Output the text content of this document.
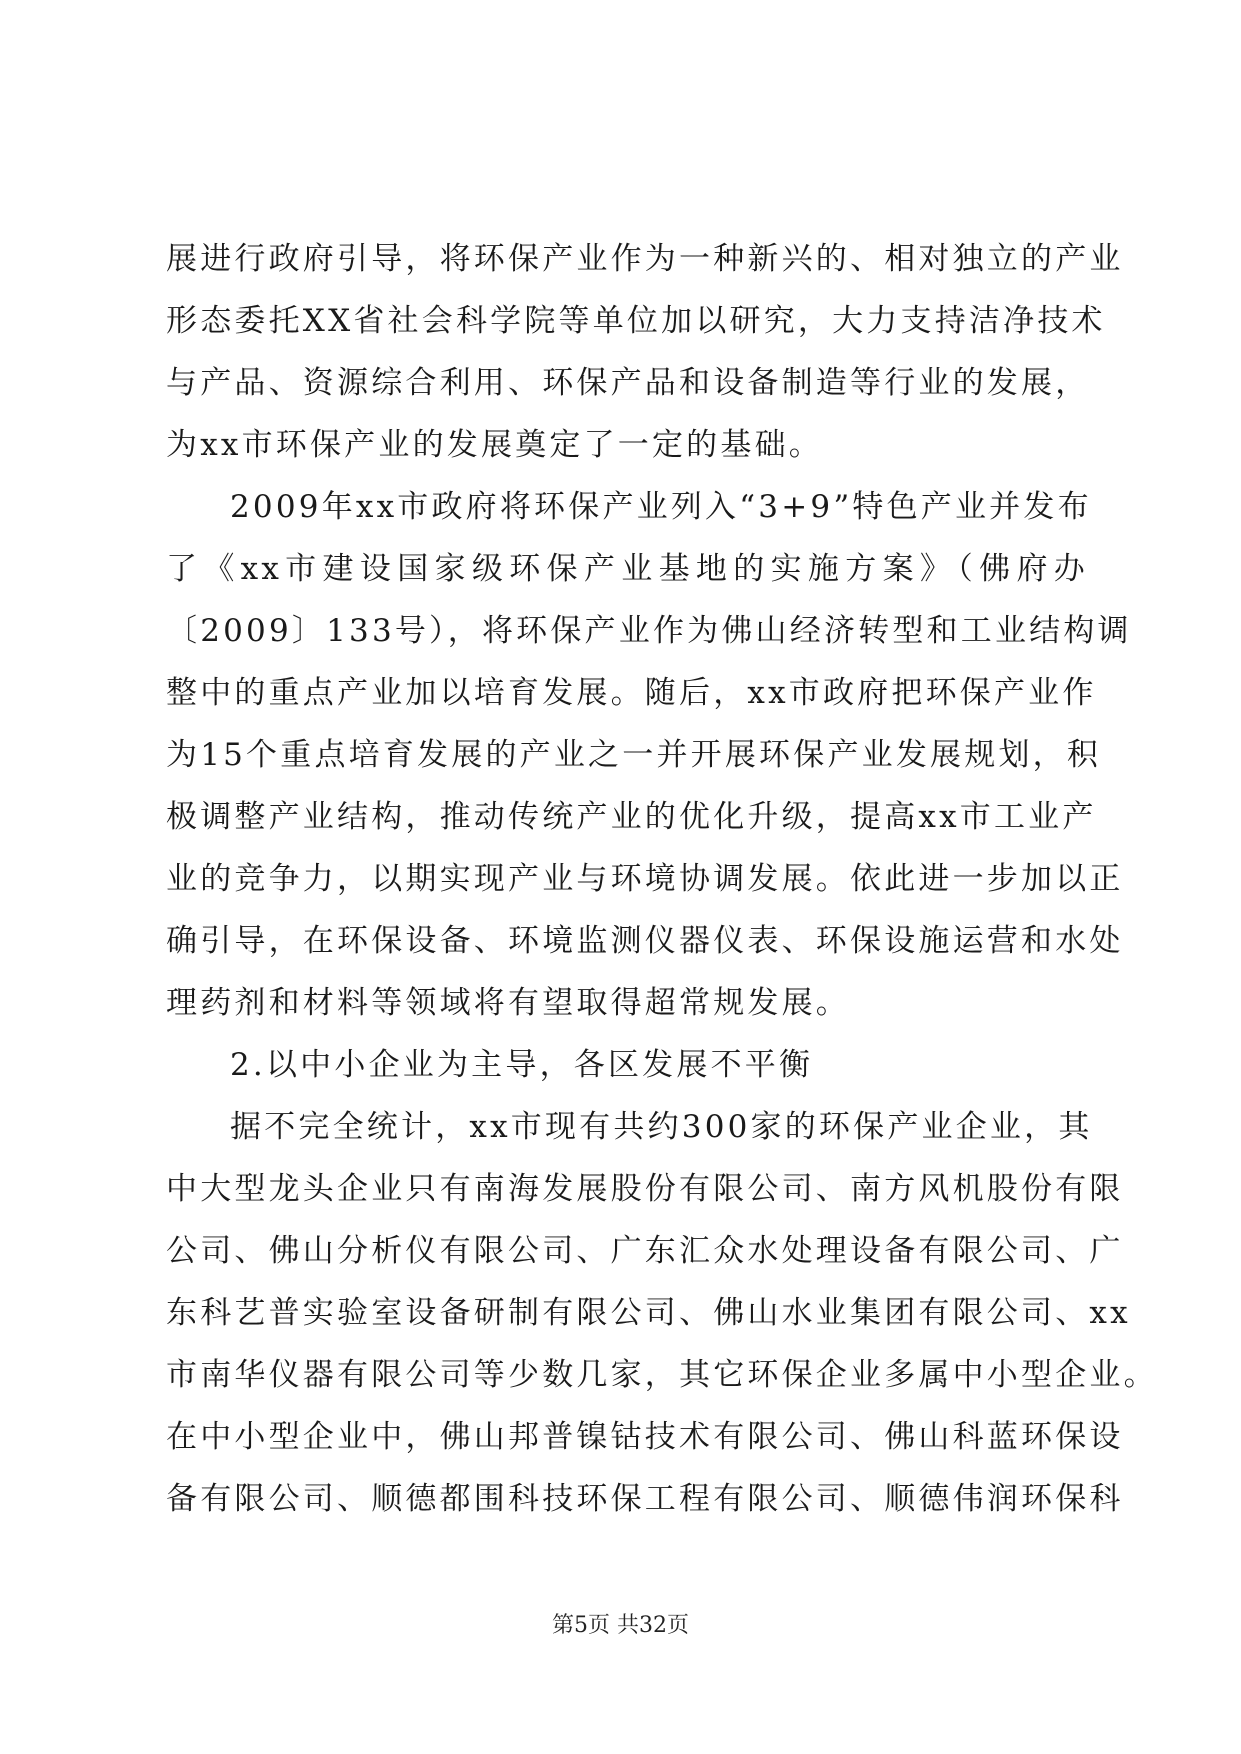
展进行政府引导，将环保产业作为一种新兴的、相对独立的产业
形态委托XX省社会科学院等单位加以研究，大力支持洁净技术
与产品、资源综合利用、环保产品和设备制造等行业的发展，
为xx市环保产业的发展奠定了一定的基础。
2009年xx市政府将环保产业列入“3+9”特色产业并发布
了《xx市建设国家级环保产业基地的实施方案》（佛府办
〔2009〕133号），将环保产业作为佛山经济转型和工业结构调
整中的重点产业加以培育发展。随后，xx市政府把环保产业作
为15个重点培育发展的产业之一并开展环保产业发展规划，积
极调整产业结构，推动传统产业的优化升级，提高xx市工业产
业的竞争力，以期实现产业与环境协调发展。依此进一步加以正
确引导，在环保设备、环境监测仪器仪表、环保设施运营和水处
理药剂和材料等领域将有望取得超常规发展。
2.以中小企业为主导，各区发展不平衡
据不完全统计，xx市现有共约300家的环保产业企业，其
中大型龙头企业只有南海发展股份有限公司、南方风机股份有限
公司、佛山分析仪有限公司、广东汇众水处理设备有限公司、广
东科艺普实验室设备研制有限公司、佛山水业集团有限公司、xx
市南华仪器有限公司等少数几家，其它环保企业多属中小型企业。
在中小型企业中，佛山邦普镍钴技术有限公司、佛山科蓝环保设
备有限公司、顺德都围科技环保工程有限公司、顺德伟润环保科
第5页 共32页
